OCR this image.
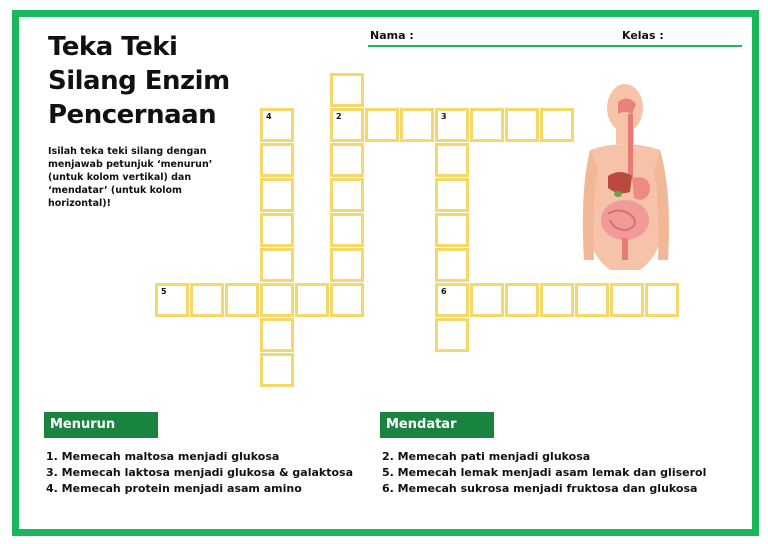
Teka Teki
Silang Enzim
Pencernaan
Isilah teka teki silang dengan menjawab petunjuk ‘menurun’ (untuk kolom vertikal) dan ‘mendatar’ (untuk kolom horizontal)!
Nama :	Kelas :
2	3
6
4
5
Menurun
1. Memecah maltosa menjadi glukosa
3. Memecah laktosa menjadi glukosa & galaktosa
4. Memecah protein menjadi asam amino
Mendatar
2. Memecah pati menjadi glukosa
5. Memecah lemak menjadi asam lemak dan gliserol
6. Memecah sukrosa menjadi fruktosa dan glukosa
